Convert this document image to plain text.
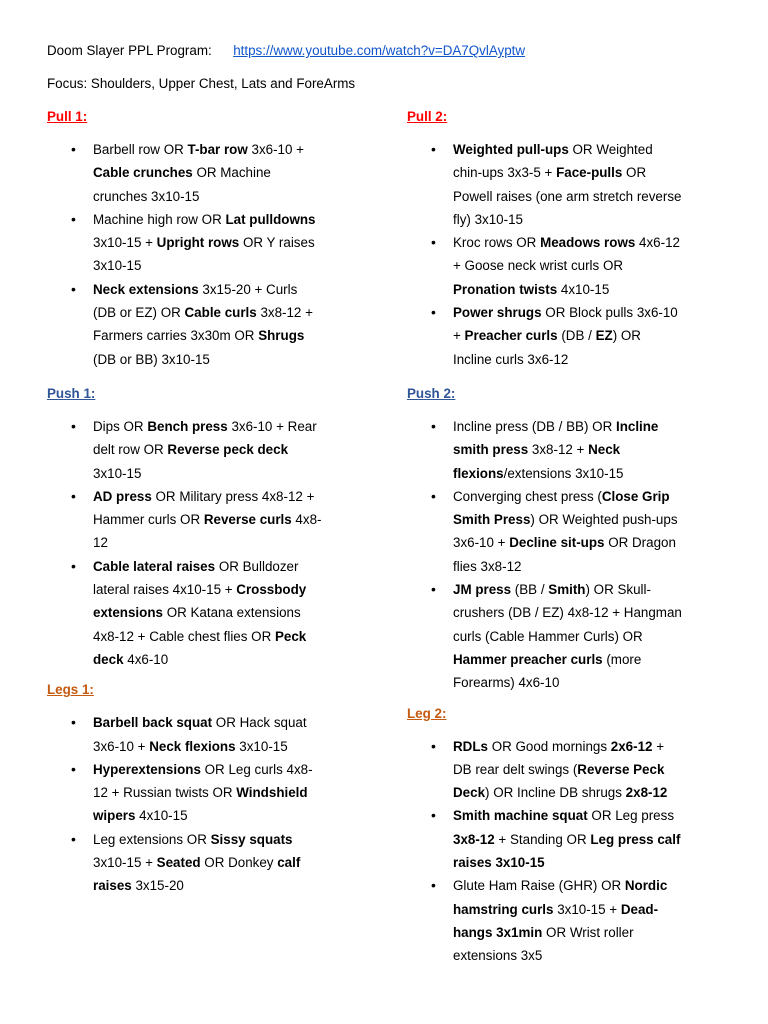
Doom Slayer PPL Program: https://www.youtube.com/watch?v=DA7QvlAyptw
Focus: Shoulders, Upper Chest, Lats and ForeArms
Pull 1:
• Barbell row OR T-bar row 3x6-10 + Cable crunches OR Machine crunches 3x10-15
• Machine high row OR Lat pulldowns 3x10-15 + Upright rows OR Y raises 3x10-15
• Neck extensions 3x15-20 + Curls (DB or EZ) OR Cable curls 3x8-12 + Farmers carries 3x30m OR Shrugs (DB or BB) 3x10-15
Push 1:
• Dips OR Bench press 3x6-10 + Rear delt row OR Reverse peck deck 3x10-15
• AD press OR Military press 4x8-12 + Hammer curls OR Reverse curls 4x8-12
• Cable lateral raises OR Bulldozer lateral raises 4x10-15 + Crossbody extensions OR Katana extensions 4x8-12 + Cable chest flies OR Peck deck 4x6-10
Legs 1:
• Barbell back squat OR Hack squat 3x6-10 + Neck flexions 3x10-15
• Hyperextensions OR Leg curls 4x8-12 + Russian twists OR Windshield wipers 4x10-15
• Leg extensions OR Sissy squats 3x10-15 + Seated OR Donkey calf raises 3x15-20
Pull 2:
• Weighted pull-ups OR Weighted chin-ups 3x3-5 + Face-pulls OR Powell raises (one arm stretch reverse fly) 3x10-15
• Kroc rows OR Meadows rows 4x6-12 + Goose neck wrist curls OR Pronation twists 4x10-15
• Power shrugs OR Block pulls 3x6-10 + Preacher curls (DB / EZ) OR Incline curls 3x6-12
Push 2:
• Incline press (DB / BB) OR Incline smith press 3x8-12 + Neck flexions/extensions 3x10-15
• Converging chest press (Close Grip Smith Press) OR Weighted push-ups 3x6-10 + Decline sit-ups OR Dragon flies 3x8-12
• JM press (BB / Smith) OR Skull-crushers (DB / EZ) 4x8-12 + Hangman curls (Cable Hammer Curls) OR Hammer preacher curls (more Forearms) 4x6-10
Leg 2:
• RDLs OR Good mornings 2x6-12 + DB rear delt swings (Reverse Peck Deck) OR Incline DB shrugs 2x8-12
• Smith machine squat OR Leg press 3x8-12 + Standing OR Leg press calf raises 3x10-15
• Glute Ham Raise (GHR) OR Nordic hamstring curls 3x10-15 + Dead-hangs 3x1min OR Wrist roller extensions 3x5
